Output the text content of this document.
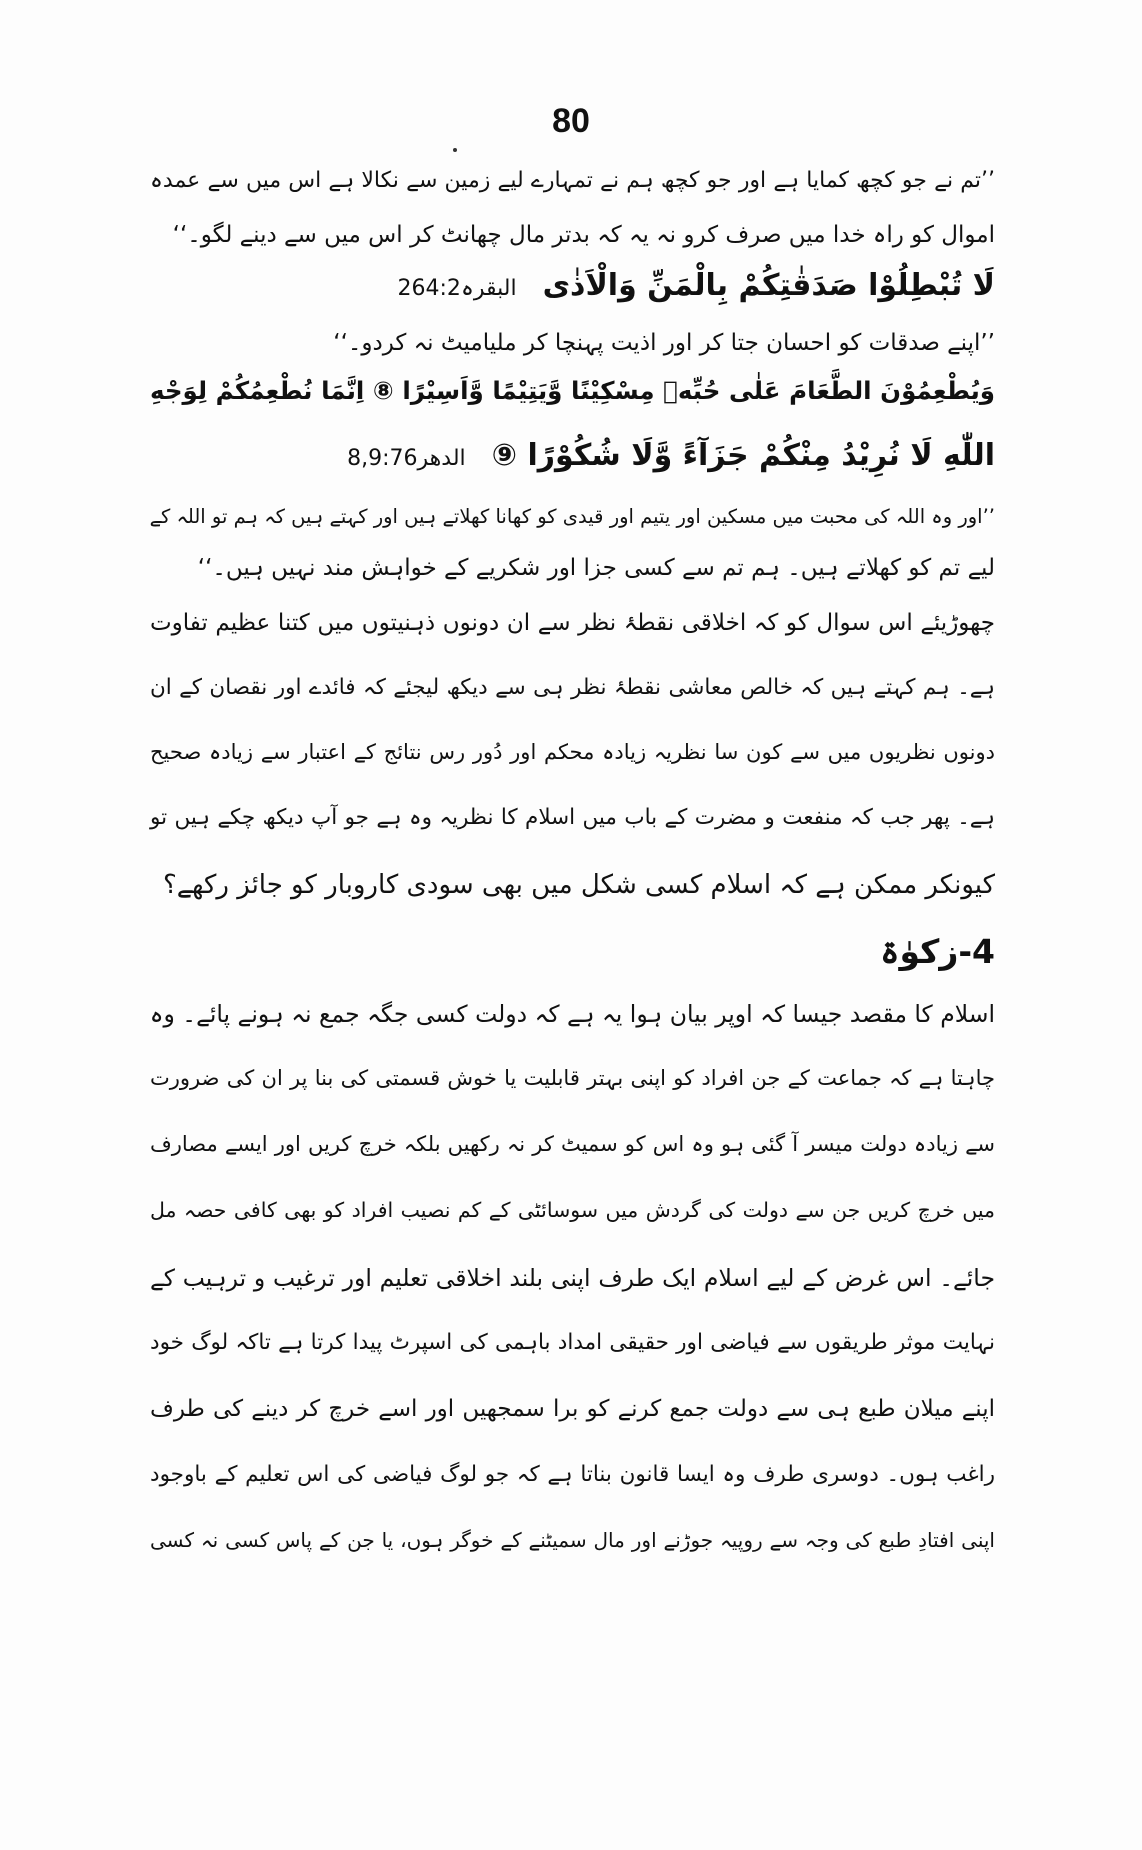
80
’’تم نے جو کچھ کمایا ہے اور جو کچھ ہم نے تمہارے لیے زمین سے نکالا ہے اس میں سے عمدہ
اموال کو راہ خدا میں صرف کرو نہ یہ کہ بدتر مال چھانٹ کر اس میں سے دینے لگو۔‘‘
لَا تُبْطِلُوْا صَدَقٰتِكُمْ بِالْمَنِّ وَالْاَذٰى
البقرہ264:2
’’اپنے صدقات کو احسان جتا کر اور اذیت پہنچا کر ملیامیٹ نہ کردو۔‘‘
وَيُطْعِمُوْنَ الطَّعَامَ عَلٰى حُبِّهٖ مِسْكِيْنًا وَّيَتِيْمًا وَّاَسِيْرًا ⑧ اِنَّمَا نُطْعِمُكُمْ لِوَجْهِ
اللّٰهِ لَا نُرِيْدُ مِنْكُمْ جَزَآءً وَّلَا شُكُوْرًا ⑨
الدھر8,9:76
’’اور وہ اللہ کی محبت میں مسکین اور یتیم اور قیدی کو کھانا کھلاتے ہیں اور کہتے ہیں کہ ہم تو اللہ کے
لیے تم کو کھلاتے ہیں۔ ہم تم سے کسی جزا اور شکریے کے خواہش مند نہیں ہیں۔‘‘
چھوڑیئے اس سوال کو کہ اخلاقی نقطۂ نظر سے ان دونوں ذہنیتوں میں کتنا عظیم تفاوت
ہے۔ ہم کہتے ہیں کہ خالص معاشی نقطۂ نظر ہی سے دیکھ لیجئے کہ فائدے اور نقصان کے ان
دونوں نظریوں میں سے کون سا نظریہ زیادہ محکم اور دُور رس نتائج کے اعتبار سے زیادہ صحیح
ہے۔ پھر جب کہ منفعت و مضرت کے باب میں اسلام کا نظریہ وہ ہے جو آپ دیکھ چکے ہیں تو
کیونکر ممکن ہے کہ اسلام کسی شکل میں بھی سودی کاروبار کو جائز رکھے؟
4-زکوٰۃ
اسلام کا مقصد جیسا کہ اوپر بیان ہوا یہ ہے کہ دولت کسی جگہ جمع نہ ہونے پائے۔ وہ
چاہتا ہے کہ جماعت کے جن افراد کو اپنی بہتر قابلیت یا خوش قسمتی کی بنا پر ان کی ضرورت
سے زیادہ دولت میسر آ گئی ہو وہ اس کو سمیٹ کر نہ رکھیں بلکہ خرچ کریں اور ایسے مصارف
میں خرچ کریں جن سے دولت کی گردش میں سوسائٹی کے کم نصیب افراد کو بھی کافی حصہ مل
جائے۔ اس غرض کے لیے اسلام ایک طرف اپنی بلند اخلاقی تعلیم اور ترغیب و ترہیب کے
نہایت موثر طریقوں سے فیاضی اور حقیقی امداد باہمی کی اسپرٹ پیدا کرتا ہے تاکہ لوگ خود
اپنے میلان طبع ہی سے دولت جمع کرنے کو برا سمجھیں اور اسے خرچ کر دینے کی طرف
راغب ہوں۔ دوسری طرف وہ ایسا قانون بناتا ہے کہ جو لوگ فیاضی کی اس تعلیم کے باوجود
اپنی افتادِ طبع کی وجہ سے روپیہ جوڑنے اور مال سمیٹنے کے خوگر ہوں، یا جن کے پاس کسی نہ کسی
